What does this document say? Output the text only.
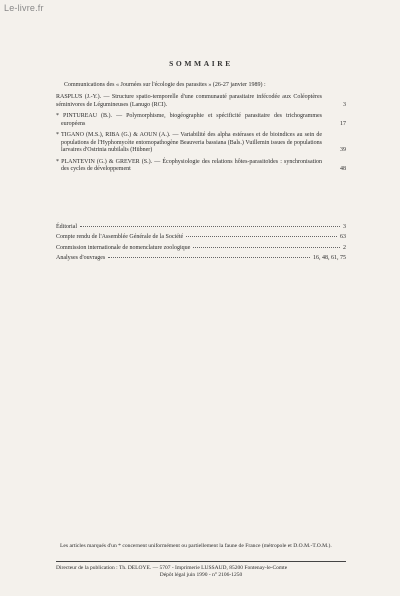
Le-livre.fr
SOMMAIRE

Communications des « Journées sur l'écologie des parasites » (26-27 janvier 1989) :

RASPLUS (J.-Y.). — Structure spatio-temporelle d'une communauté parasitaire infécodée aux Coléoptères séminivores de Légumineuses (Lanugo (RCI).	3
* PINTUREAU (B.). — Polymorphisme, biogéographie et spécificité parasitaire des trichogrammes européens	17
* TIGANO (M.S.), RIBA (G.) & AOUN (A.). — Variabilité des alpha estérases et de bioindices au sein de populations de l'Hyphomycète entomopathogène Beauveria bassiana (Bals.) Vuillemin issues de populations larvaires d'Ostrinia nubilalis (Hübner)	39
* PLANTEVIN (G.) & GREVER (S.). — Écophysiologie des relations hôtes-parasitoïdes : synchronisation des cycles de développement	48
Éditorial	3
Compte rendu de l'Assemblée Générale de la Société	63
Commission internationale de nomenclature zoologique	2
Analyses d'ouvrages	16, 48, 61, 75
Les articles marqués d'un * concernent uniformément ou partiellement la faune de France (métropole et D.O.M.-T.O.M.).
Directeur de la publication : Th. DELOYE. — 5707 - Imprimerie LUSSAUD, 85200 Fontenay-le-Comte
Dépôt légal juin 1990 - n° 2106-1250
